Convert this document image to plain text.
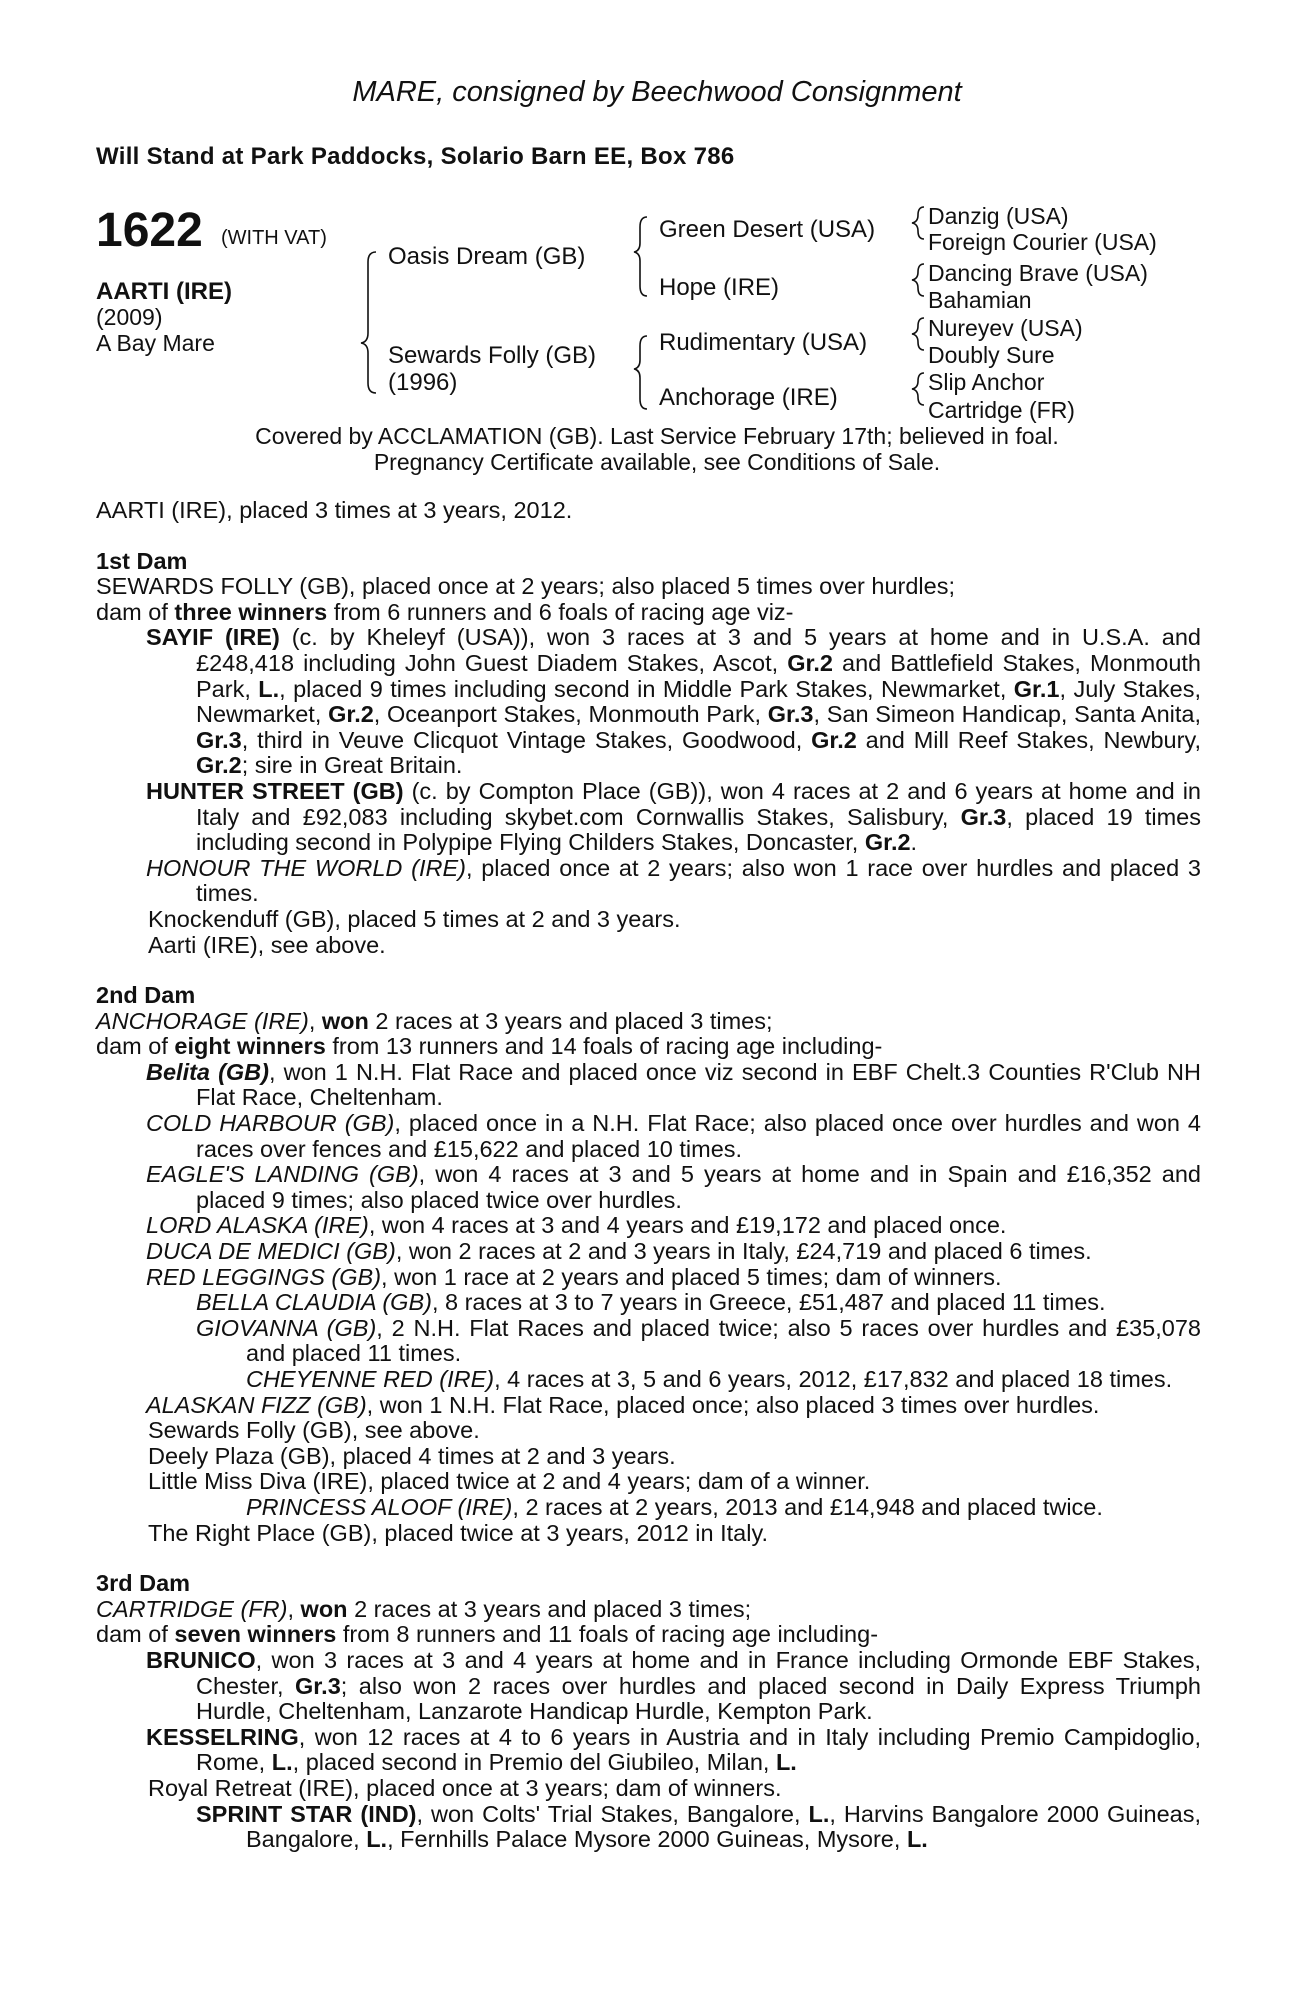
MARE, consigned by Beechwood Consignment
Will Stand at Park Paddocks, Solario Barn EE, Box 786
1622 (WITH VAT)
AARTI (IRE)
(2009)
A Bay Mare
Oasis Dream (GB)
Sewards Folly (GB)
(1996)
Green Desert (USA)
Hope (IRE)
Rudimentary (USA)
Anchorage (IRE)
Danzig (USA)
Foreign Courier (USA)
Dancing Brave (USA)
Bahamian
Nureyev (USA)
Doubly Sure
Slip Anchor
Cartridge (FR)
Covered by ACCLAMATION (GB). Last Service February 17th; believed in foal.
Pregnancy Certificate available, see Conditions of Sale.

AARTI (IRE), placed 3 times at 3 years, 2012.

1st Dam

SEWARDS FOLLY (GB), placed once at 2 years; also placed 5 times over hurdles;

dam of three winners from 6 runners and 6 foals of racing age viz-

SAYIF (IRE) (c. by Kheleyf (USA)), won 3 races at 3 and 5 years at home and in U.S.A. and £248,418 including John Guest Diadem Stakes, Ascot, Gr.2 and Battlefield Stakes, Monmouth Park, L., placed 9 times including second in Middle Park Stakes, Newmarket, Gr.1, July Stakes, Newmarket, Gr.2, Oceanport Stakes, Monmouth Park, Gr.3, San Simeon Handicap, Santa Anita, Gr.3, third in Veuve Clicquot Vintage Stakes, Goodwood, Gr.2 and Mill Reef Stakes, Newbury, Gr.2; sire in Great Britain.

HUNTER STREET (GB) (c. by Compton Place (GB)), won 4 races at 2 and 6 years at home and in Italy and £92,083 including skybet.com Cornwallis Stakes, Salisbury, Gr.3, placed 19 times including second in Polypipe Flying Childers Stakes, Doncaster, Gr.2.

HONOUR THE WORLD (IRE), placed once at 2 years; also won 1 race over hurdles and placed 3 times.

Knockenduff (GB), placed 5 times at 2 and 3 years.

Aarti (IRE), see above.

2nd Dam

ANCHORAGE (IRE), won 2 races at 3 years and placed 3 times;

dam of eight winners from 13 runners and 14 foals of racing age including-

Belita (GB), won 1 N.H. Flat Race and placed once viz second in EBF Chelt.3 Counties R'Club NH Flat Race, Cheltenham.

COLD HARBOUR (GB), placed once in a N.H. Flat Race; also placed once over hurdles and won 4 races over fences and £15,622 and placed 10 times.

EAGLE'S LANDING (GB), won 4 races at 3 and 5 years at home and in Spain and £16,352 and placed 9 times; also placed twice over hurdles.

LORD ALASKA (IRE), won 4 races at 3 and 4 years and £19,172 and placed once.

DUCA DE MEDICI (GB), won 2 races at 2 and 3 years in Italy, £24,719 and placed 6 times.

RED LEGGINGS (GB), won 1 race at 2 years and placed 5 times; dam of winners.

BELLA CLAUDIA (GB), 8 races at 3 to 7 years in Greece, £51,487 and placed 11 times.

GIOVANNA (GB), 2 N.H. Flat Races and placed twice; also 5 races over hurdles and £35,078 and placed 11 times.

CHEYENNE RED (IRE), 4 races at 3, 5 and 6 years, 2012, £17,832 and placed 18 times.

ALASKAN FIZZ (GB), won 1 N.H. Flat Race, placed once; also placed 3 times over hurdles.

Sewards Folly (GB), see above.

Deely Plaza (GB), placed 4 times at 2 and 3 years.

Little Miss Diva (IRE), placed twice at 2 and 4 years; dam of a winner.

PRINCESS ALOOF (IRE), 2 races at 2 years, 2013 and £14,948 and placed twice.

The Right Place (GB), placed twice at 3 years, 2012 in Italy.

3rd Dam

CARTRIDGE (FR), won 2 races at 3 years and placed 3 times;

dam of seven winners from 8 runners and 11 foals of racing age including-

BRUNICO, won 3 races at 3 and 4 years at home and in France including Ormonde EBF Stakes, Chester, Gr.3; also won 2 races over hurdles and placed second in Daily Express Triumph Hurdle, Cheltenham, Lanzarote Handicap Hurdle, Kempton Park.

KESSELRING, won 12 races at 4 to 6 years in Austria and in Italy including Premio Campidoglio, Rome, L., placed second in Premio del Giubileo, Milan, L.

Royal Retreat (IRE), placed once at 3 years; dam of winners.

SPRINT STAR (IND), won Colts' Trial Stakes, Bangalore, L., Harvins Bangalore 2000 Guineas, Bangalore, L., Fernhills Palace Mysore 2000 Guineas, Mysore, L.
